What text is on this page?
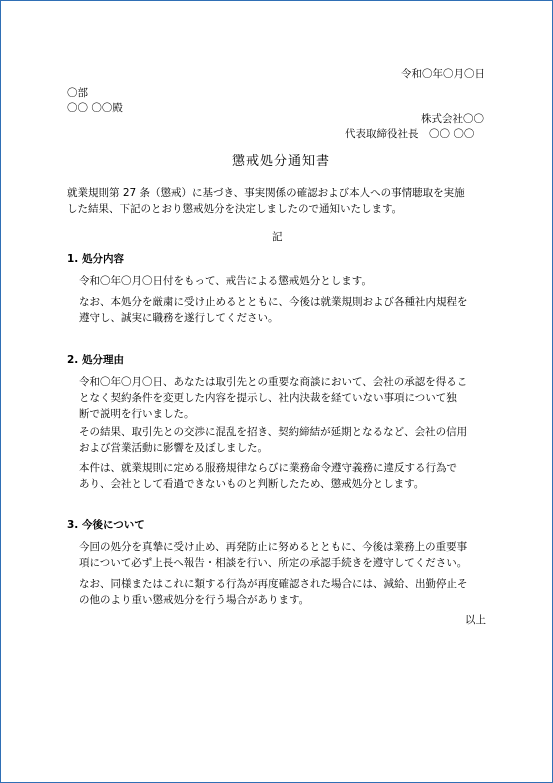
令和〇年〇月〇日
〇部
〇〇 〇〇殿
株式会社〇〇
代表取締役社長　〇〇 〇〇
懲戒処分通知書
就業規則第 27 条（懲戒）に基づき、事実関係の確認および本人への事情聴取を実施
した結果、下記のとおり懲戒処分を決定しましたので通知いたします。
記
1. 処分内容
令和〇年〇月〇日付をもって、戒告による懲戒処分とします。
なお、本処分を厳粛に受け止めるとともに、今後は就業規則および各種社内規程を
遵守し、誠実に職務を遂行してください。
2. 処分理由
令和〇年〇月〇日、あなたは取引先との重要な商談において、会社の承認を得るこ
となく契約条件を変更した内容を提示し、社内決裁を経ていない事項について独
断で説明を行いました。
その結果、取引先との交渉に混乱を招き、契約締結が延期となるなど、会社の信用
および営業活動に影響を及ぼしました。
本件は、就業規則に定める服務規律ならびに業務命令遵守義務に違反する行為で
あり、会社として看過できないものと判断したため、懲戒処分とします。
3. 今後について
今回の処分を真摯に受け止め、再発防止に努めるとともに、今後は業務上の重要事
項について必ず上長へ報告・相談を行い、所定の承認手続きを遵守してください。
なお、同様またはこれに類する行為が再度確認された場合には、減給、出勤停止そ
の他のより重い懲戒処分を行う場合があります。
以上
